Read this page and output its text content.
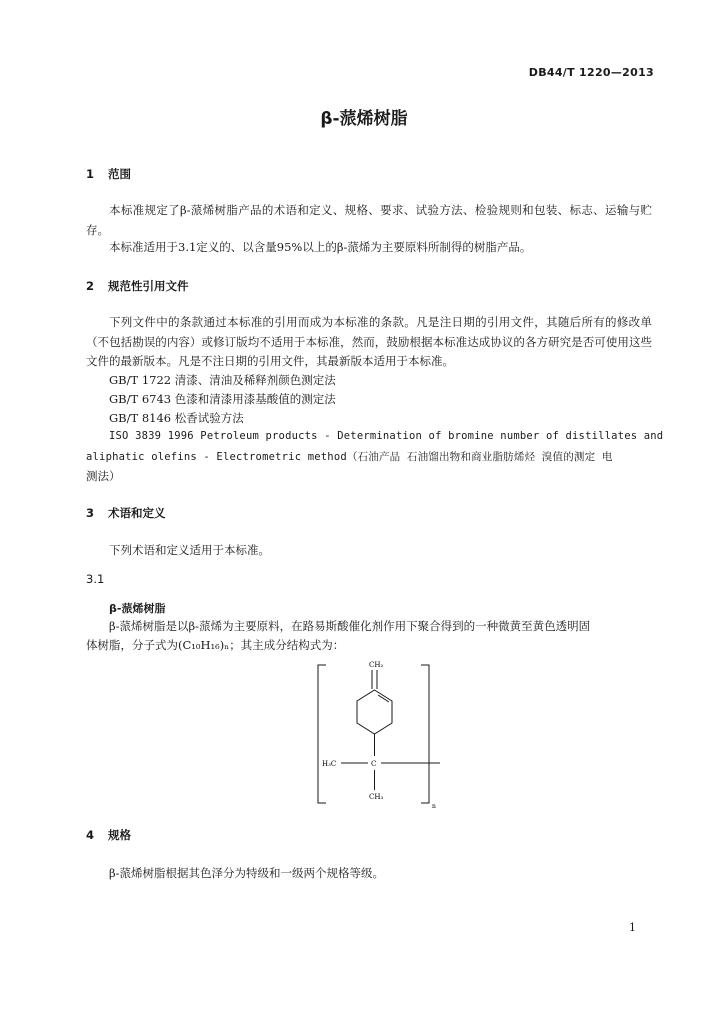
DB44/T 1220—2013
β-蒎烯树脂
1 范围
本标准规定了β-蒎烯树脂产品的术语和定义、规格、要求、试验方法、检验规则和包装、标志、运输与贮存。
本标准适用于3.1定义的、以含量95%以上的β-蒎烯为主要原料所制得的树脂产品。
2 规范性引用文件
下列文件中的条款通过本标准的引用而成为本标准的条款。凡是注日期的引用文件，其随后所有的修改单（不包括勘误的内容）或修订版均不适用于本标准，然而，鼓励根据本标准达成协议的各方研究是否可使用这些文件的最新版本。凡是不注日期的引用文件，其最新版本适用于本标准。
GB/T 1722 清漆、清油及稀释剂颜色测定法
GB/T 6743 色漆和清漆用漆基酸值的测定法
GB/T 8146 松香试验方法
ISO 3839 1996 Petroleum products - Determination of bromine number of distillates and
aliphatic olefins - Electrometric method（石油产品 石油馏出物和商业脂肪烯烃 溴值的测定 电
测法）
3 术语和定义
下列术语和定义适用于本标准。
3.1
β-蒎烯树脂
β-蒎烯树脂是以β-蒎烯为主要原料，在路易斯酸催化剂作用下聚合得到的一种微黄至黄色透明固
体树脂，分子式为(C₁₀H₁₆)ₙ；其主成分结构式为：
CH₂
H₃C	C
CH₃
n
4 规格
β-蒎烯树脂根据其色泽分为特级和一级两个规格等级。
1
